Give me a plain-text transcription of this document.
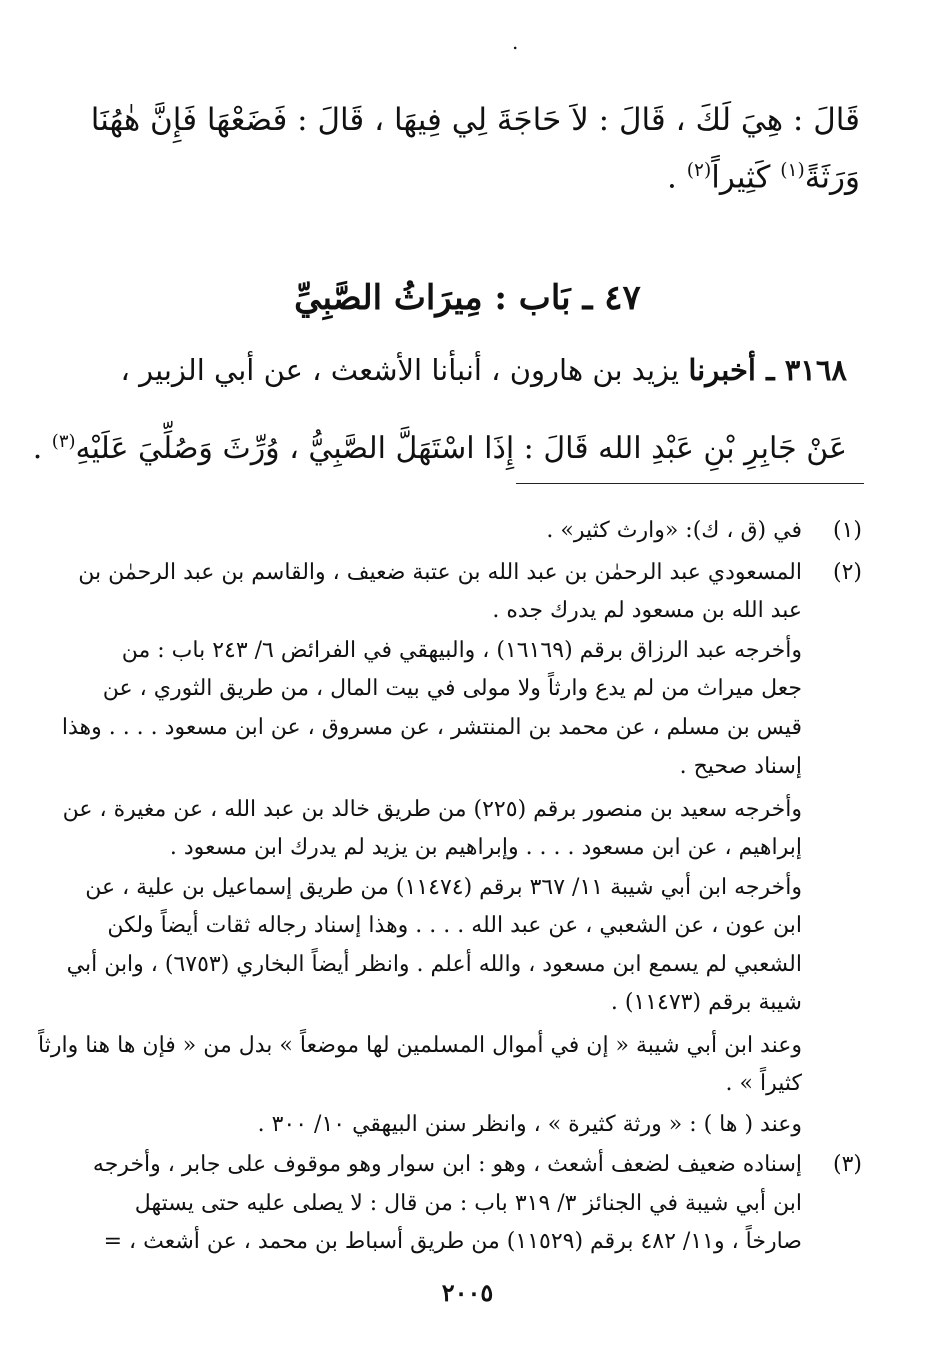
.
قَالَ : هِيَ لَكَ ، قَالَ : لاَ حَاجَةَ لِي فِيهَا ، قَالَ : فَضَعْهَا فَإِنَّ هٰهُنَا
وَرَثَةً$^{(١)}$ كَثِيراً$^{(٢)}$ .
٤٧ ـ بَاب : مِيرَاثُ الصَّبِيِّ
٣١٦٨ ـ أخبرنا يزيد بن هارون ، أنبأنا الأشعث ، عن أبي الزبير ،
عَنْ جَابِرِ بْنِ عَبْدِ الله قَالَ : إِذَا اسْتَهَلَّ الصَّبِيُّ ، وُرِّثَ وَصُلِّيَ عَلَيْهِ$^{(٣)}$ .
(١)
في (ق ، ك): «وارث كثير» .
(٢)
المسعودي عبد الرحمٰن بن عبد الله بن عتبة ضعيف ، والقاسم بن عبد الرحمٰن بن
عبد الله بن مسعود لم يدرك جده .
وأخرجه عبد الرزاق برقم (١٦١٦٩) ، والبيهقي في الفرائض ٦/ ٢٤٣ باب : من
جعل ميراث من لم يدع وارثاً ولا مولى في بيت المال ، من طريق الثوري ، عن
قيس بن مسلم ، عن محمد بن المنتشر ، عن مسروق ، عن ابن مسعود . . . . وهذا
إسناد صحيح .
وأخرجه سعيد بن منصور برقم (٢٢٥) من طريق خالد بن عبد الله ، عن مغيرة ، عن
إبراهيم ، عن ابن مسعود . . . . وإبراهيم بن يزيد لم يدرك ابن مسعود .
وأخرجه ابن أبي شيبة ١١/ ٣٦٧ برقم (١١٤٧٤) من طريق إسماعيل بن علية ، عن
ابن عون ، عن الشعبي ، عن عبد الله . . . . وهذا إسناد رجاله ثقات أيضاً ولكن
الشعبي لم يسمع ابن مسعود ، والله أعلم . وانظر أيضاً البخاري (٦٧٥٣) ، وابن أبي
شيبة برقم (١١٤٧٣) .
وعند ابن أبي شيبة « إن في أموال المسلمين لها موضعاً » بدل من « فإن ها هنا وارثاً
كثيراً » .
وعند ( ها ) : « ورثة كثيرة » ، وانظر سنن البيهقي ١٠/ ٣٠٠ .
(٣)
إسناده ضعيف لضعف أشعث ، وهو : ابن سوار وهو موقوف على جابر ، وأخرجه
ابن أبي شيبة في الجنائز ٣/ ٣١٩ باب : من قال : لا يصلى عليه حتى يستهل
صارخاً ، و١١/ ٤٨٢ برقم (١١٥٢٩) من طريق أسباط بن محمد ، عن أشعث ، =
٢٠٠٥
